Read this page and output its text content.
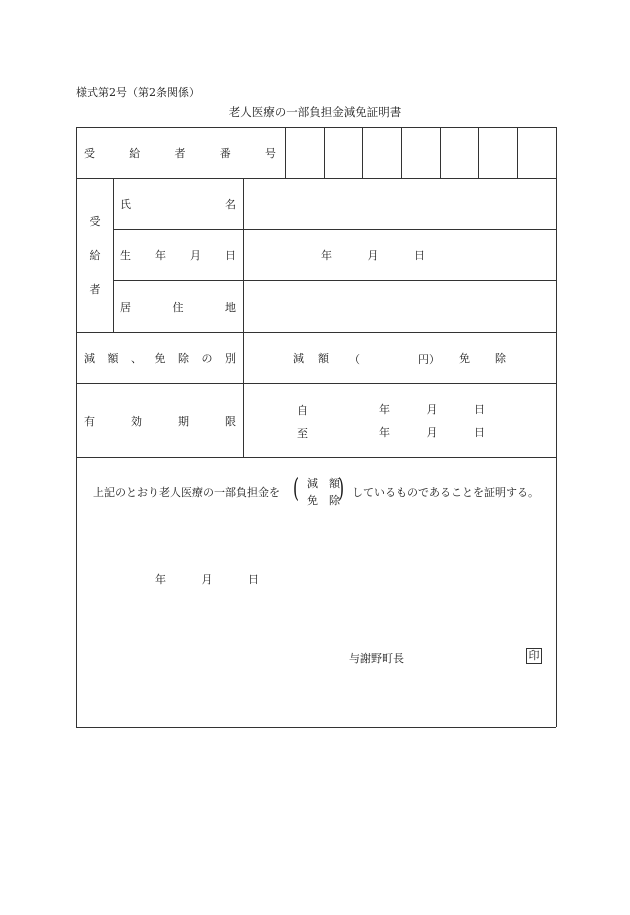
様式第2号（第2条関係）
老人医療の一部負担金減免証明書
受	給	者	番	号
受
給
者
氏	名
生 年 月 日	年	月	日
居	住	地
減 額 、 免 除 の 別	減 額 （	円） 免 除
有	効	期	限
自	年	月	日
至	年	月	日
上記のとおり老人医療の一部負担金を ( 減　額
免　除
) しているものであることを証明する。
年	月	日
与謝野町長	印
